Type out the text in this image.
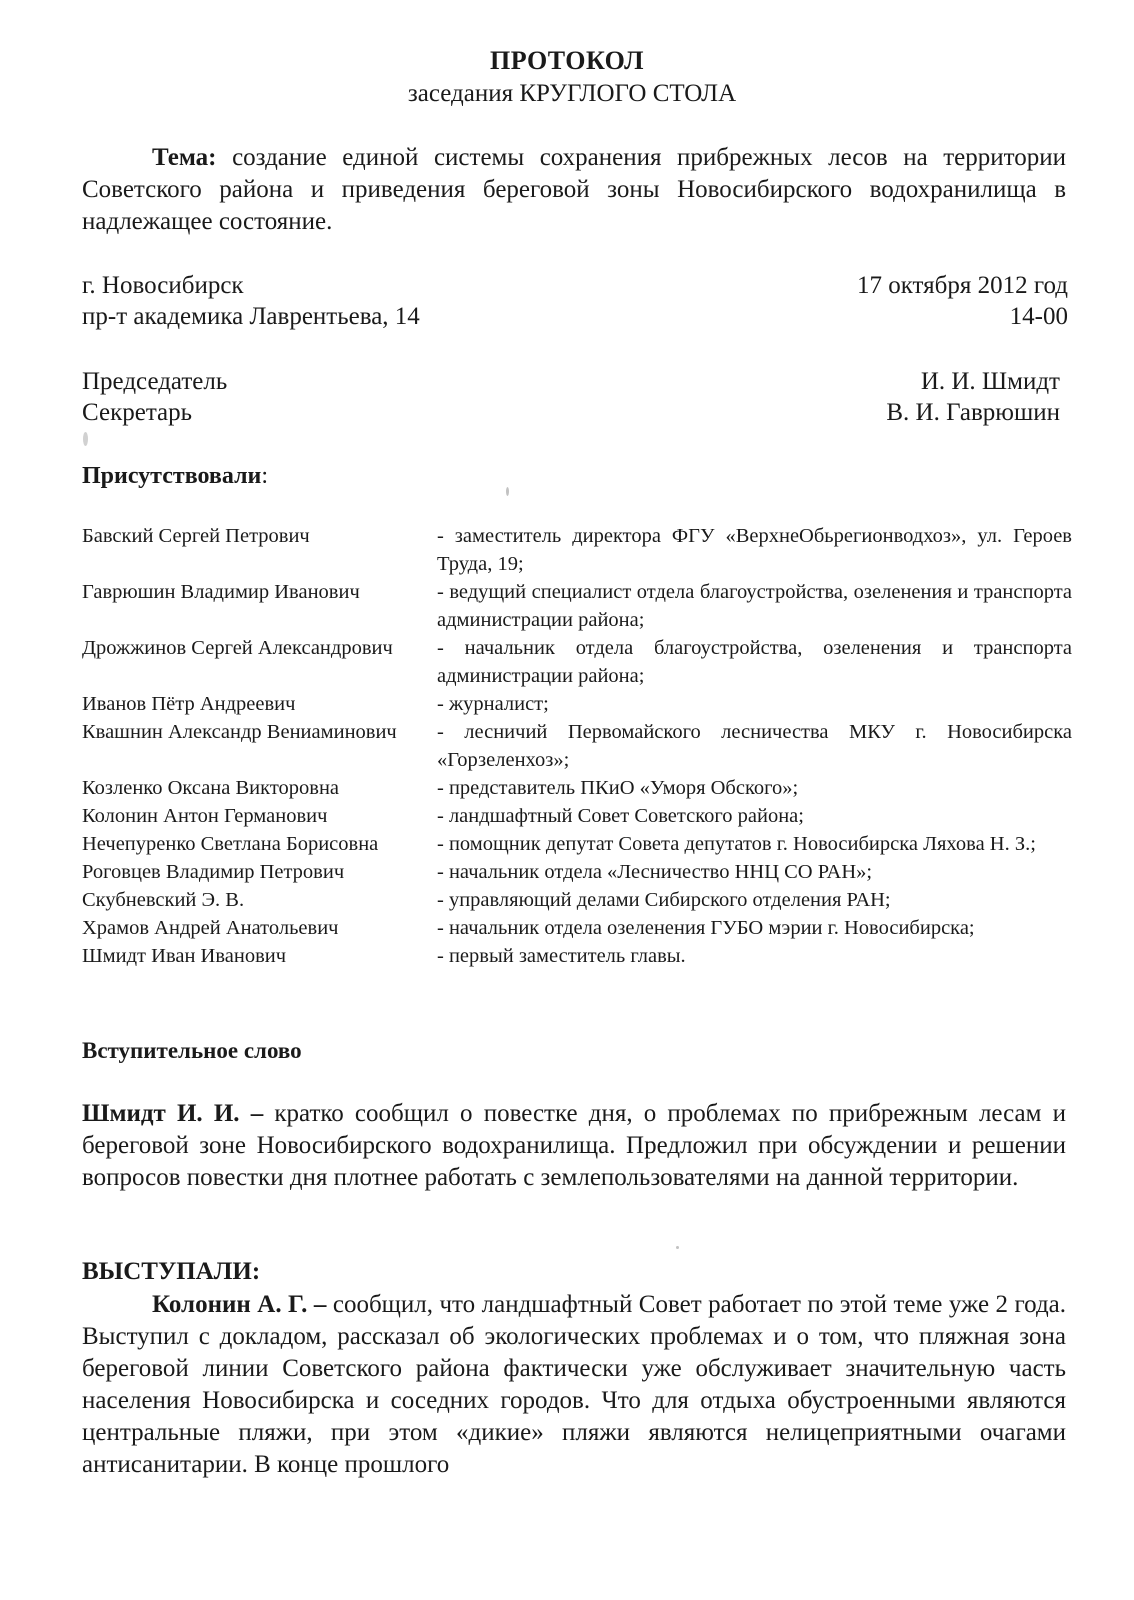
ПРОТОКОЛ
заседания КРУГЛОГО СТОЛА
Тема: создание единой системы сохранения прибрежных лесов на территории Советского района и приведения береговой зоны Новосибирского водохранилища в надлежащее состояние.
г. Новосибирск	17 октября 2012 год
пр-т академика Лаврентьева, 14	14-00
Председатель	И. И. Шмидт
Секретарь	В. И. Гаврюшин
Присутствовали:
Бавский Сергей Петрович	- заместитель директора ФГУ «ВерхнеОбьрегионводхоз», ул. Героев Труда, 19;
Гаврюшин Владимир Иванович	- ведущий специалист отдела благоустройства, озеленения и транспорта администрации района;
Дрожжинов Сергей Александрович	- начальник отдела благоустройства, озеленения и транспорта администрации района;
Иванов Пётр Андреевич	- журналист;
Квашнин Александр Вениаминович	- лесничий Первомайского лесничества МКУ г. Новосибирска «Горзеленхоз»;
Козленко Оксана Викторовна	- представитель ПКиО «Уморя Обского»;
Колонин Антон Германович	- ландшафтный Совет Советского района;
Нечепуренко Светлана Борисовна	- помощник депутат Совета депутатов г. Новосибирска Ляхова Н. З.;
Роговцев Владимир Петрович	- начальник отдела «Лесничество ННЦ СО РАН»;
Скубневский Э. В.	- управляющий делами Сибирского отделения РАН;
Храмов Андрей Анатольевич	- начальник отдела озеленения ГУБО мэрии г. Новосибирска;
Шмидт Иван Иванович	- первый заместитель главы.
Вступительное слово
Шмидт И. И. – кратко сообщил о повестке дня, о проблемах по прибрежным лесам и береговой зоне Новосибирского водохранилища. Предложил при обсуждении и решении вопросов повестки дня плотнее работать с землепользователями на данной территории.
ВЫСТУПАЛИ:
Колонин А. Г. – сообщил, что ландшафтный Совет работает по этой теме уже 2 года. Выступил с докладом, рассказал об экологических проблемах и о том, что пляжная зона береговой линии Советского района фактически уже обслуживает значительную часть населения Новосибирска и соседних городов. Что для отдыха обустроенными являются центральные пляжи, при этом «дикие» пляжи являются нелицеприятными очагами антисанитарии. В конце прошлого
